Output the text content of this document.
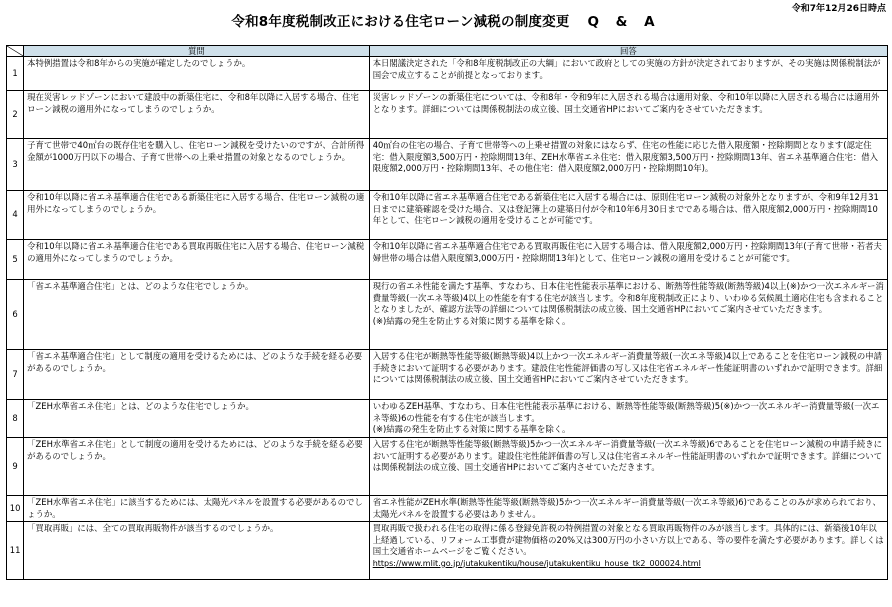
令和7年12月26日時点
令和8年度税制改正における住宅ローン減税の制度変更 Q & A
	質問	回答
1	本特例措置は令和8年からの実施が確定したのでしょうか。	本日閣議決定された「令和8年度税制改正の大綱」において政府としての実施の方針が決定されておりますが、その実施は関係税制法が国会で成立することが前提となっております。
2	現在災害レッドゾーンにおいて建設中の新築住宅に、令和8年以降に入居する場合、住宅ローン減税の適用外になってしまうのでしょうか。	災害レッドゾーンの新築住宅については、令和8年・令和9年に入居される場合は適用対象、令和10年以降に入居される場合には適用外となります。詳細については関係税制法の成立後、国土交通省HPにおいてご案内をさせていただきます。
3	子育て世帯で40㎡台の既存住宅を購入し、住宅ローン減税を受けたいのですが、合計所得金額が1000万円以下の場合、子育て世帯への上乗せ措置の対象となるのでしょうか。	40㎡台の住宅の場合、子育て世帯等への上乗せ措置の対象にはならず、住宅の性能に応じた借入限度額・控除期間となります(認定住宅：借入限度額3,500万円・控除期間13年、ZEH水準省エネ住宅：借入限度額3,500万円・控除期間13年、省エネ基準適合住宅：借入限度額2,000万円・控除期間13年、その他住宅：借入限度額2,000万円・控除期間10年)。
4	令和10年以降に省エネ基準適合住宅である新築住宅に入居する場合、住宅ローン減税の適用外になってしまうのでしょうか。	令和10年以降に省エネ基準適合住宅である新築住宅に入居する場合には、原則住宅ローン減税の対象外となりますが、令和9年12月31日までに建築確認を受けた場合、又は登記簿上の建築日付が令和10年6月30日までである場合は、借入限度額2,000万円・控除期間10年として、住宅ローン減税の適用を受けることが可能です。
5	令和10年以降に省エネ基準適合住宅である買取再販住宅に入居する場合、住宅ローン減税の適用外になってしまうのでしょうか。	令和10年以降に省エネ基準適合住宅である買取再販住宅に入居する場合は、借入限度額2,000万円・控除期間13年(子育て世帯・若者夫婦世帯の場合は借入限度額3,000万円・控除期間13年)として、住宅ローン減税の適用を受けることが可能です。
6	「省エネ基準適合住宅」とは、どのような住宅でしょうか。	現行の省エネ性能を満たす基準、すなわち、日本住宅性能表示基準における、断熱等性能等級(断熱等級)4以上(※)かつ一次エネルギー消費量等級(一次エネ等級)4以上の性能を有する住宅が該当します。令和8年度税制改正により、いわゆる気候風土適応住宅も含まれることとなりましたが、確認方法等の詳細については関係税制法の成立後、国土交通省HPにおいてご案内させていただきます。
(※)結露の発生を防止する対策に関する基準を除く。
7	「省エネ基準適合住宅」として制度の適用を受けるためには、どのような手続を経る必要があるのでしょうか。	入居する住宅が断熱等性能等級(断熱等級)4以上かつ一次エネルギー消費量等級(一次エネ等級)4以上であることを住宅ローン減税の申請手続きにおいて証明する必要があります。建設住宅性能評価書の写し又は住宅省エネルギー性能証明書のいずれかで証明できます。詳細については関係税制法の成立後、国土交通省HPにおいてご案内させていただきます。
8	「ZEH水準省エネ住宅」とは、どのような住宅でしょうか。	いわゆるZEH基準、すなわち、日本住宅性能表示基準における、断熱等性能等級(断熱等級)5(※)かつ一次エネルギー消費量等級(一次エネ等級)6の性能を有する住宅が該当します。
(※)結露の発生を防止する対策に関する基準を除く。
9	「ZEH水準省エネ住宅」として制度の適用を受けるためには、どのような手続を経る必要があるのでしょうか。	入居する住宅が断熱等性能等級(断熱等級)5かつ一次エネルギー消費量等級(一次エネ等級)6であることを住宅ローン減税の申請手続きにおいて証明する必要があります。建設住宅性能評価書の写し又は住宅省エネルギー性能証明書のいずれかで証明できます。詳細については関係税制法の成立後、国土交通省HPにおいてご案内させていただきます。
10	「ZEH水準省エネ住宅」に該当するためには、太陽光パネルを設置する必要があるのでしょうか。	省エネ性能がZEH水準(断熱等性能等級(断熱等級)5かつ一次エネルギー消費量等級(一次エネ等級)6)であることのみが求められており、太陽光パネルを設置する必要はありません。
11	「買取再販」には、全ての買取再販物件が該当するのでしょうか。	買取再販で扱われる住宅の取得に係る登録免許税の特例措置の対象となる買取再販物件のみが該当します。具体的には、新築後10年以上経過している、リフォーム工事費が建物価格の20%又は300万円の小さい方以上である、等の要件を満たす必要があります。詳しくは国土交通省ホームページをご覧ください。
https://www.mlit.go.jp/jutakukentiku/house/jutakukentiku_house_tk2_000024.html
